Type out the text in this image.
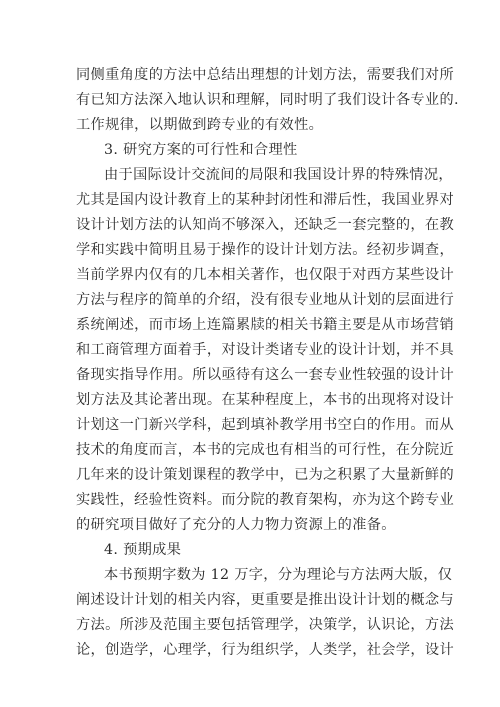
同侧重角度的方法中总结出理想的计划方法，需要我们对所
有已知方法深入地认识和理解，同时明了我们设计各专业的.
工作规律，以期做到跨专业的有效性。
3. 研究方案的可行性和合理性
由于国际设计交流间的局限和我国设计界的特殊情况，
尤其是国内设计教育上的某种封闭性和滞后性，我国业界对
设计计划方法的认知尚不够深入，还缺乏一套完整的，在教
学和实践中简明且易于操作的设计计划方法。经初步调查，
当前学界内仅有的几本相关著作，也仅限于对西方某些设计
方法与程序的简单的介绍，没有很专业地从计划的层面进行
系统阐述，而市场上连篇累牍的相关书籍主要是从市场营销
和工商管理方面着手，对设计类诸专业的设计计划，并不具
备现实指导作用。所以亟待有这么一套专业性较强的设计计
划方法及其论著出现。在某种程度上，本书的出现将对设计
计划这一门新兴学科，起到填补教学用书空白的作用。而从
技术的角度而言，本书的完成也有相当的可行性，在分院近
几年来的设计策划课程的教学中，已为之积累了大量新鲜的
实践性，经验性资料。而分院的教育架构，亦为这个跨专业
的研究项目做好了充分的人力物力资源上的准备。
4. 预期成果
本书预期字数为 12 万字，分为理论与方法两大版，仅
阐述设计计划的相关内容，更重要是推出设计计划的概念与
方法。所涉及范围主要包括管理学，决策学，认识论，方法
论，创造学，心理学，行为组织学，人类学，社会学，设计
